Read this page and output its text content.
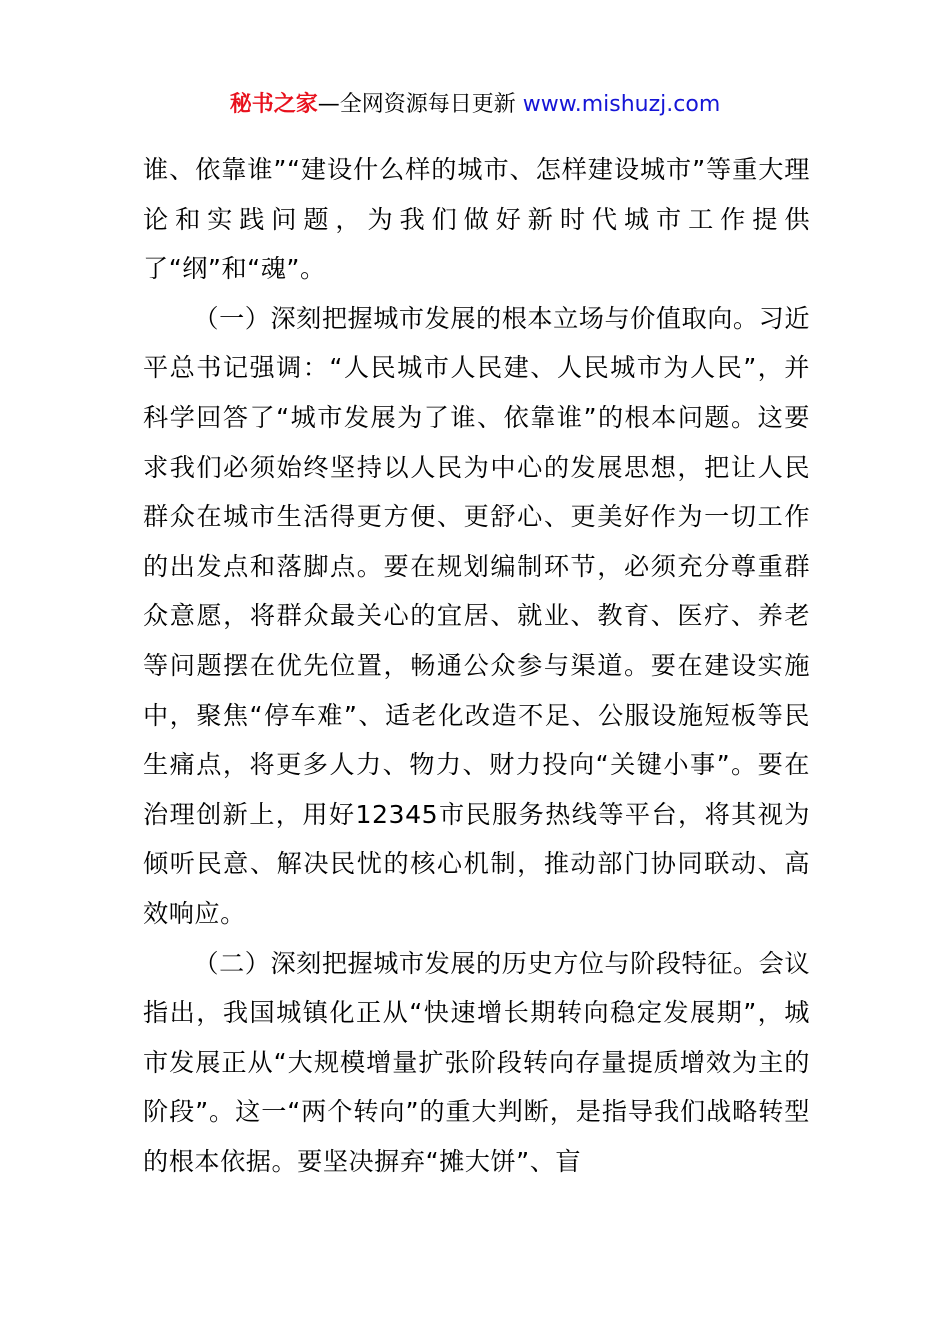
秘书之家—全网资源每日更新 www.mishuzj.com

谁、依靠谁”“建设什么样的城市、怎样建设城市”等重大理论和实践问题，为我们做好新时代城市工作提供了“纲”和“魂”。

（一）深刻把握城市发展的根本立场与价值取向。习近平总书记强调：“人民城市人民建、人民城市为人民”，并科学回答了“城市发展为了谁、依靠谁”的根本问题。这要求我们必须始终坚持以人民为中心的发展思想，把让人民群众在城市生活得更方便、更舒心、更美好作为一切工作的出发点和落脚点。要在规划编制环节，必须充分尊重群众意愿，将群众最关心的宜居、就业、教育、医疗、养老等问题摆在优先位置，畅通公众参与渠道。要在建设实施中，聚焦“停车难”、适老化改造不足、公服设施短板等民生痛点，将更多人力、物力、财力投向“关键小事”。要在治理创新上，用好12345市民服务热线等平台，将其视为倾听民意、解决民忧的核心机制，推动部门协同联动、高效响应。

（二）深刻把握城市发展的历史方位与阶段特征。会议指出，我国城镇化正从“快速增长期转向稳定发展期”，城市发展正从“大规模增量扩张阶段转向存量提质增效为主的阶段”。这一“两个转向”的重大判断，是指导我们战略转型的根本依据。要坚决摒弃“摊大饼”、盲
